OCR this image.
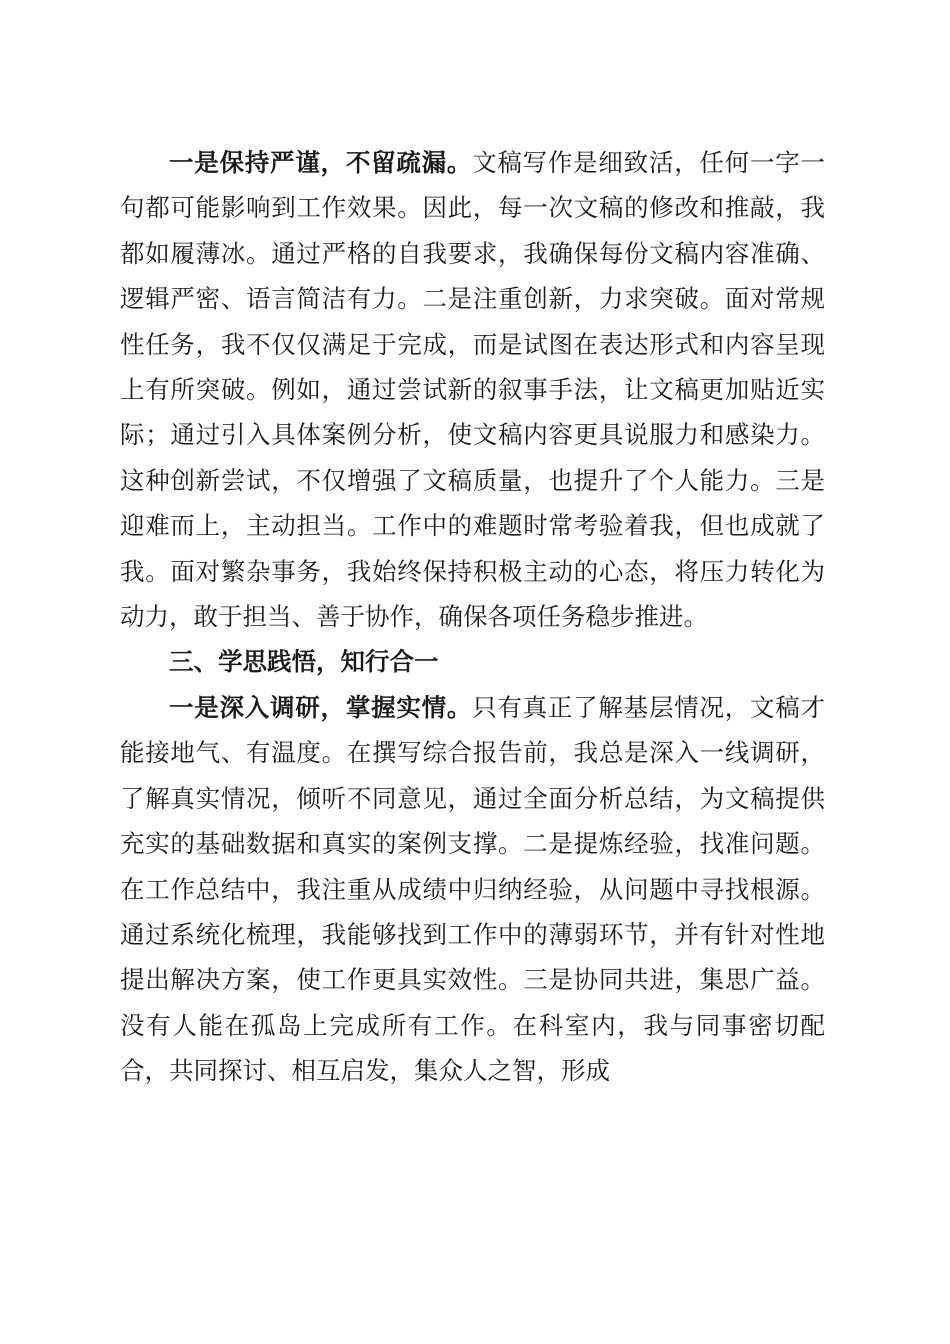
一是保持严谨，不留疏漏。文稿写作是细致活，任何一字一句都可能影响到工作效果。因此，每一次文稿的修改和推敲，我都如履薄冰。通过严格的自我要求，我确保每份文稿内容准确、逻辑严密、语言简洁有力。二是注重创新，力求突破。面对常规性任务，我不仅仅满足于完成，而是试图在表达形式和内容呈现上有所突破。例如，通过尝试新的叙事手法，让文稿更加贴近实际；通过引入具体案例分析，使文稿内容更具说服力和感染力。这种创新尝试，不仅增强了文稿质量，也提升了个人能力。三是迎难而上，主动担当。工作中的难题时常考验着我，但也成就了我。面对繁杂事务，我始终保持积极主动的心态，将压力转化为动力，敢于担当、善于协作，确保各项任务稳步推进。

三、学思践悟，知行合一

一是深入调研，掌握实情。只有真正了解基层情况，文稿才能接地气、有温度。在撰写综合报告前，我总是深入一线调研，了解真实情况，倾听不同意见，通过全面分析总结，为文稿提供充实的基础数据和真实的案例支撑。二是提炼经验，找准问题。在工作总结中，我注重从成绩中归纳经验，从问题中寻找根源。通过系统化梳理，我能够找到工作中的薄弱环节，并有针对性地提出解决方案，使工作更具实效性。三是协同共进，集思广益。没有人能在孤岛上完成所有工作。在科室内，我与同事密切配合，共同探讨、相互启发，集众人之智，形成
